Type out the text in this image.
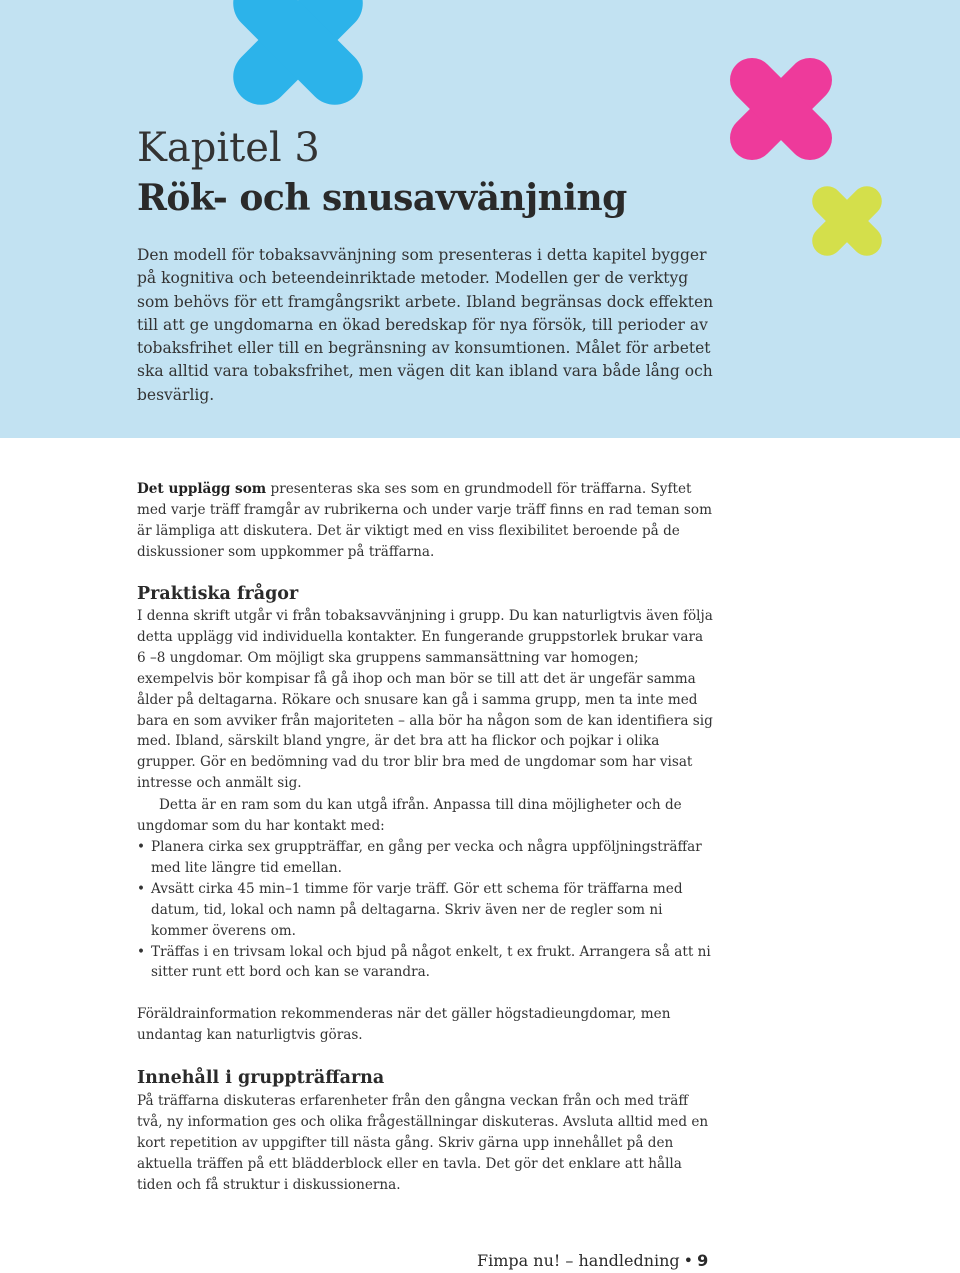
Kapitel 3
Rök- och snusavvänjning

Den modell för tobaksavvänjning som presenteras i detta kapitel bygger på kognitiva och beteendeinriktade metoder. Modellen ger de verktyg som behövs för ett framgångsrikt arbete. Ibland begränsas dock effekten till att ge ungdomarna en ökad beredskap för nya försök, till perioder av tobaksfrihet eller till en begränsning av konsumtionen. Målet för arbetet ska alltid vara tobaksfrihet, men vägen dit kan ibland vara både lång och besvärlig.

Det upplägg som presenteras ska ses som en grundmodell för träffarna. Syftet med varje träff framgår av rubrikerna och under varje träff finns en rad teman som är lämpliga att diskutera. Det är viktigt med en viss flexibilitet beroende på de diskussioner som uppkommer på träffarna.

Praktiska frågor

I denna skrift utgår vi från tobaksavvänjning i grupp. Du kan naturligtvis även följa detta upplägg vid individuella kontakter. En fungerande gruppstorlek brukar vara 6 –8 ungdomar. Om möjligt ska gruppens sammansättning var homogen; exempelvis bör kompisar få gå ihop och man bör se till att det är ungefär samma ålder på deltagarna. Rökare och snusare kan gå i samma grupp, men ta inte med bara en som avviker från majoriteten – alla bör ha någon som de kan identifiera sig med. Ibland, särskilt bland yngre, är det bra att ha flickor och pojkar i olika grupper. Gör en bedömning vad du tror blir bra med de ungdomar som har visat intresse och anmält sig.

Detta är en ram som du kan utgå ifrån. Anpassa till dina möjligheter och de ungdomar som du har kontakt med:

• Planera cirka sex gruppträffar, en gång per vecka och några uppföljningsträffar med lite längre tid emellan.
• Avsätt cirka 45 min–1 timme för varje träff. Gör ett schema för träffarna med datum, tid, lokal och namn på deltagarna. Skriv även ner de regler som ni kommer överens om.
• Träffas i en trivsam lokal och bjud på något enkelt, t ex frukt. Arrangera så att ni sitter runt ett bord och kan se varandra.

Föräldrainformation rekommenderas när det gäller högstadieungdomar, men undantag kan naturligtvis göras.

Innehåll i gruppträffarna

På träffarna diskuteras erfarenheter från den gångna veckan från och med träff två, ny information ges och olika frågeställningar diskuteras. Avsluta alltid med en kort repetition av uppgifter till nästa gång. Skriv gärna upp innehållet på den aktuella träffen på ett blädderblock eller en tavla. Det gör det enklare att hålla tiden och få struktur i diskussionerna.

Fimpa nu! – handledning • 9
